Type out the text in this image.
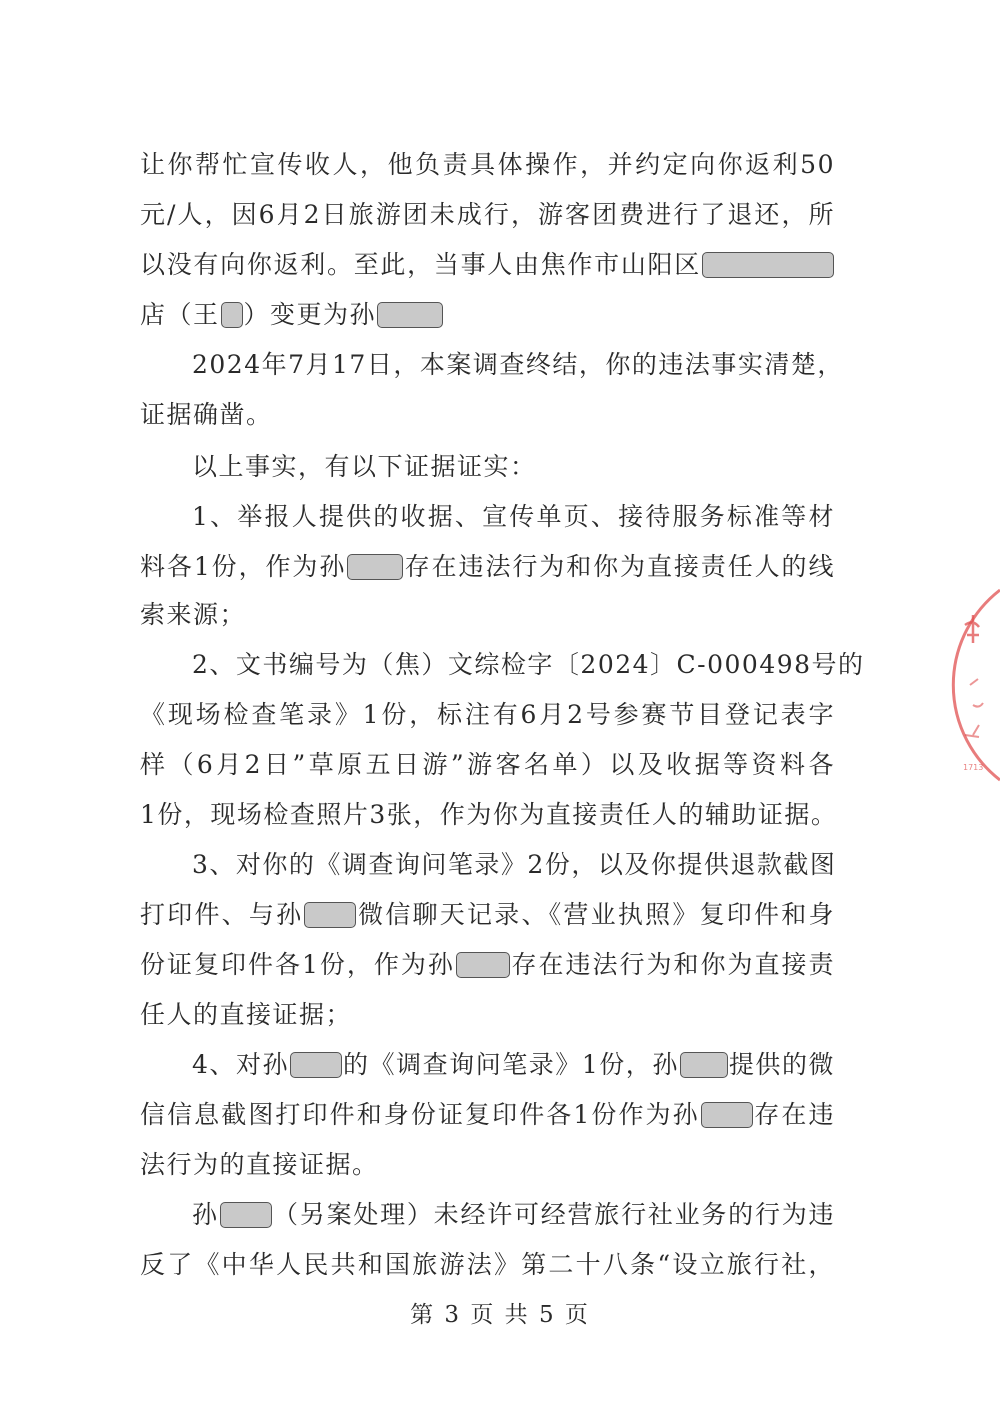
让你帮忙宣传收人，他负责具体操作，并约定向你返利50
元/人，因6月2日旅游团未成行，游客团费进行了退还，所
以没有向你返利。至此，当事人由焦作市山阳区
店（王 ）变更为孙
2024年7月17日，本案调查终结，你的违法事实清楚，
证据确凿。
以上事实，有以下证据证实：
1、举报人提供的收据、宣传单页、接待服务标准等材
料各1份，作为孙 存在违法行为和你为直接责任人的线
索来源；
2、文书编号为（焦）文综检字〔2024〕C-000498号的
《现场检查笔录》1份，标注有6月2号参赛节目登记表字
样（6月2日”草原五日游”游客名单）以及收据等资料各
1份，现场检查照片3张，作为你为直接责任人的辅助证据。
3、对你的《调查询问笔录》2份，以及你提供退款截图
打印件、与孙 微信聊天记录、《营业执照》复印件和身
份证复印件各1份，作为孙 存在违法行为和你为直接责
任人的直接证据；
4、对孙 的《调查询问笔录》1份，孙 提供的微
信信息截图打印件和身份证复印件各1份作为孙 存在违
法行为的直接证据。
孙 （另案处理）未经许可经营旅行社业务的行为违
反了《中华人民共和国旅游法》第二十八条“设立旅行社，
第 3 页 共 5 页
1713
